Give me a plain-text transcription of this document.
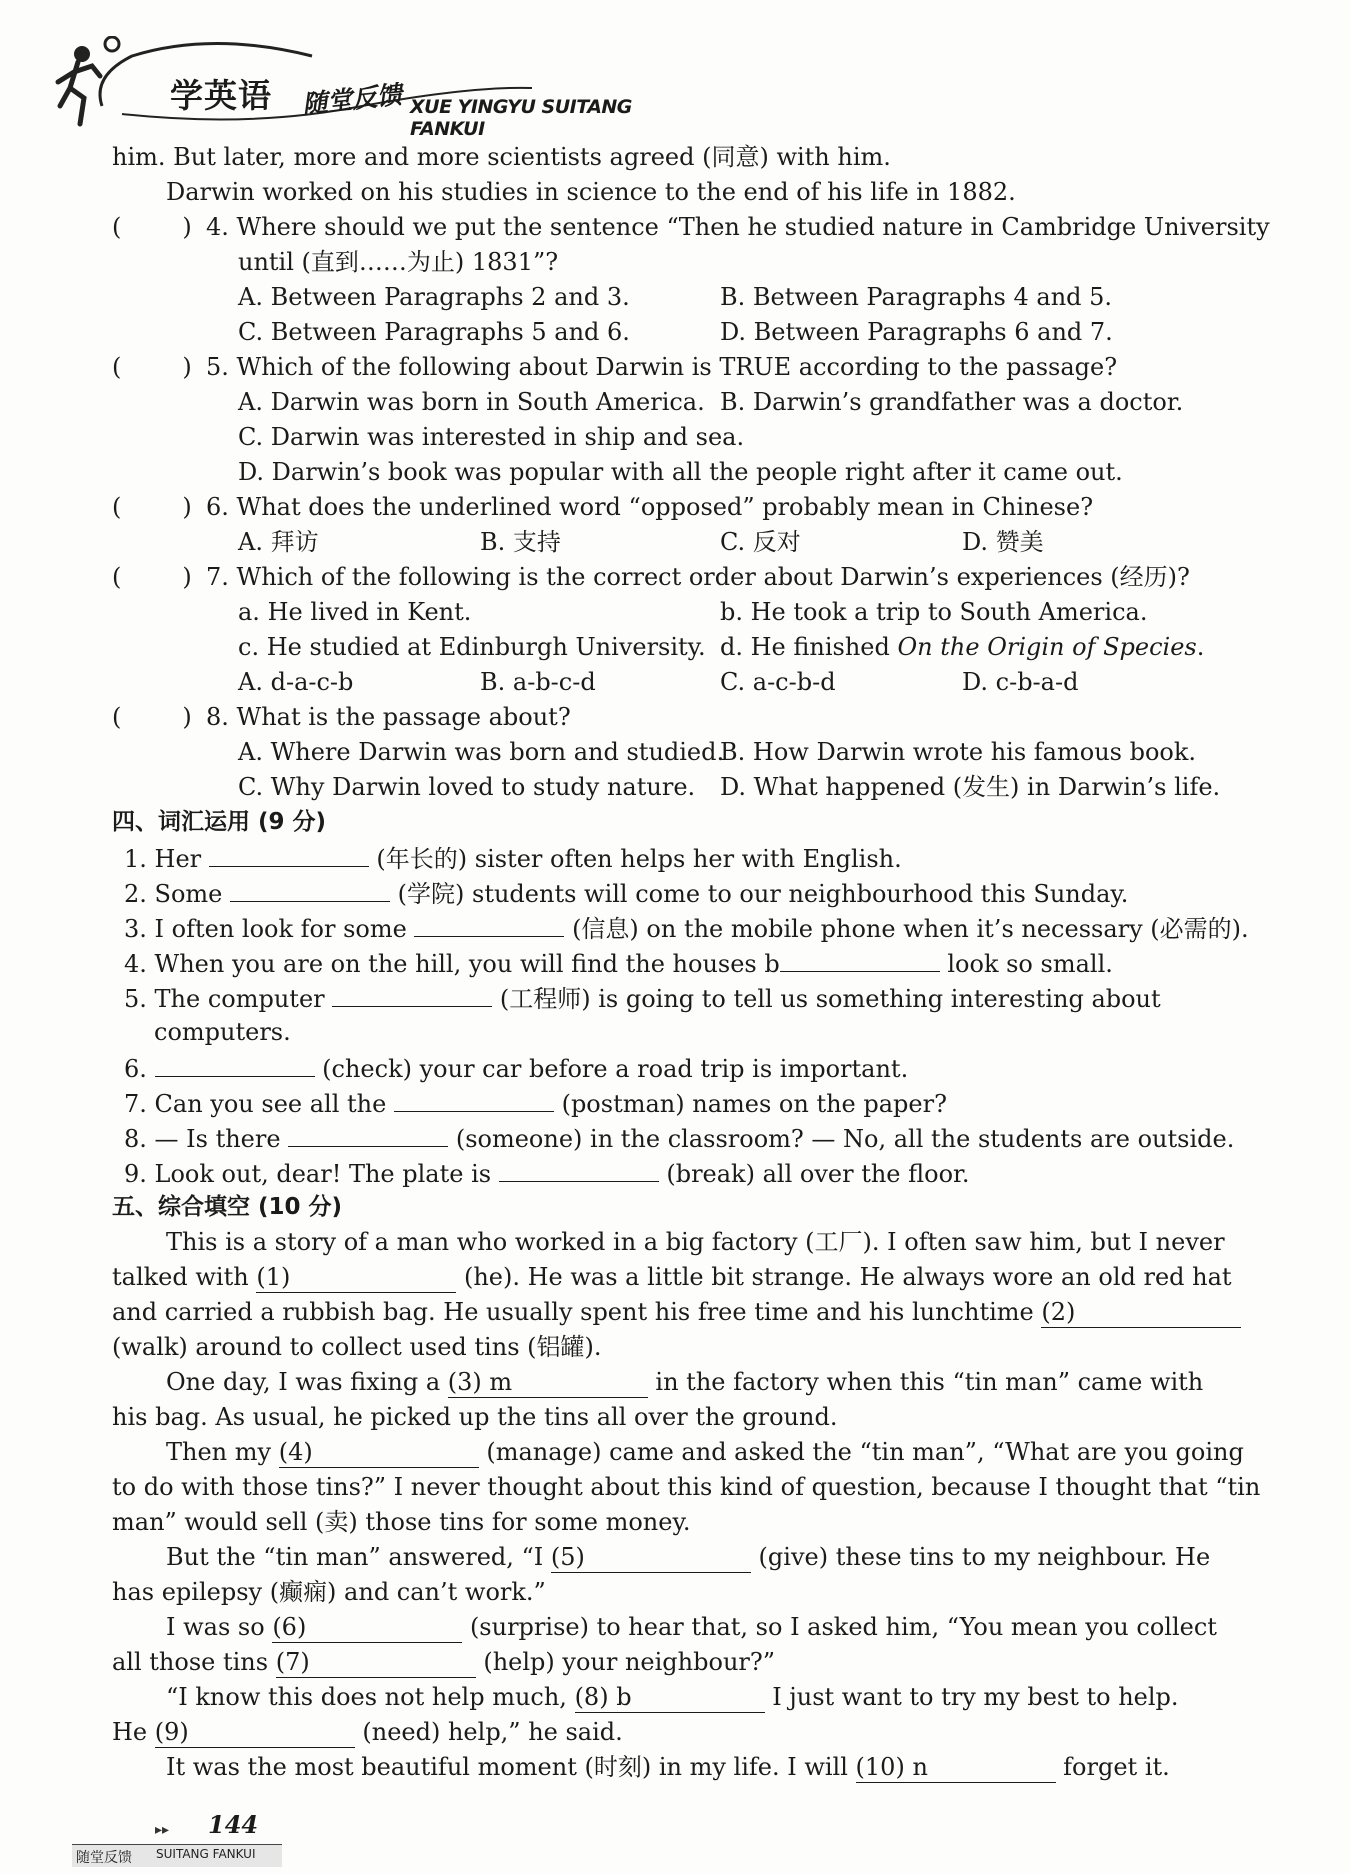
学英语 随堂反馈 XUE YINGYU SUITANG FANKUI
him. But later, more and more scientists agreed (同意) with him.
Darwin worked on his studies in science to the end of his life in 1882.
(        ) 4. Where should we put the sentence “Then he studied nature in Cambridge University
until (直到……为止) 1831”?
A. Between Paragraphs 2 and 3.	B. Between Paragraphs 4 and 5.
C. Between Paragraphs 5 and 6.	D. Between Paragraphs 6 and 7.
(        ) 5. Which of the following about Darwin is TRUE according to the passage?
A. Darwin was born in South America. B. Darwin’s grandfather was a doctor.
C. Darwin was interested in ship and sea.
D. Darwin’s book was popular with all the people right after it came out.
(        ) 6. What does the underlined word “opposed” probably mean in Chinese?
A. 拜访	B. 支持	C. 反对	D. 赞美
(        ) 7. Which of the following is the correct order about Darwin’s experiences (经历)?
a. He lived in Kent.	b. He took a trip to South America.
c. He studied at Edinburgh University. d. He finished On the Origin of Species.
A. d-a-c-b	B. a-b-c-d	C. a-c-b-d	D. c-b-a-d
(        ) 8. What is the passage about?
A. Where Darwin was born and studied.
B. How Darwin wrote his famous book.
C. Why Darwin loved to study nature. D. What happened (发生) in Darwin’s life.
四、词汇运用 (9 分)
1. Her	(年长的) sister often helps her with English.
2. Some	(学院) students will come to our neighbourhood this Sunday.
3. I often look for some	(信息) on the mobile phone when it’s necessary (必需的).
4. When you are on the hill, you will find the houses b	look so small.
5. The computer	(工程师) is going to tell us something interesting about
computers.
6.	(check) your car before a road trip is important.
7. Can you see all the	(postman) names on the paper?
8. — Is there	(someone) in the classroom? — No, all the students are outside.
9. Look out, dear! The plate is	(break) all over the floor.
五、综合填空 (10 分)
This is a story of a man who worked in a big factory (工厂). I often saw him, but I never
talked with (1)	(he). He was a little bit strange. He always wore an old red hat
and carried a rubbish bag. He usually spent his free time and his lunchtime (2)
(walk) around to collect used tins (铝罐).
One day, I was fixing a (3) m	in the factory when this “tin man” came with
his bag. As usual, he picked up the tins all over the ground.
Then my (4)	(manage) came and asked the “tin man”, “What are you going
to do with those tins?” I never thought about this kind of question, because I thought that “tin
man” would sell (卖) those tins for some money.
But the “tin man” answered, “I (5)	(give) these tins to my neighbour. He
has epilepsy (癫痫) and can’t work.”
I was so (6)	(surprise) to hear that, so I asked him, “You mean you collect
all those tins (7)	(help) your neighbour?”
“I know this does not help much, (8) b	I just want to try my best to help.
He (9)	(need) help,” he said.
It was the most beautiful moment (时刻) in my life. I will (10) n	forget it.
▸▸ 144
随堂反馈 SUITANG FANKUI
